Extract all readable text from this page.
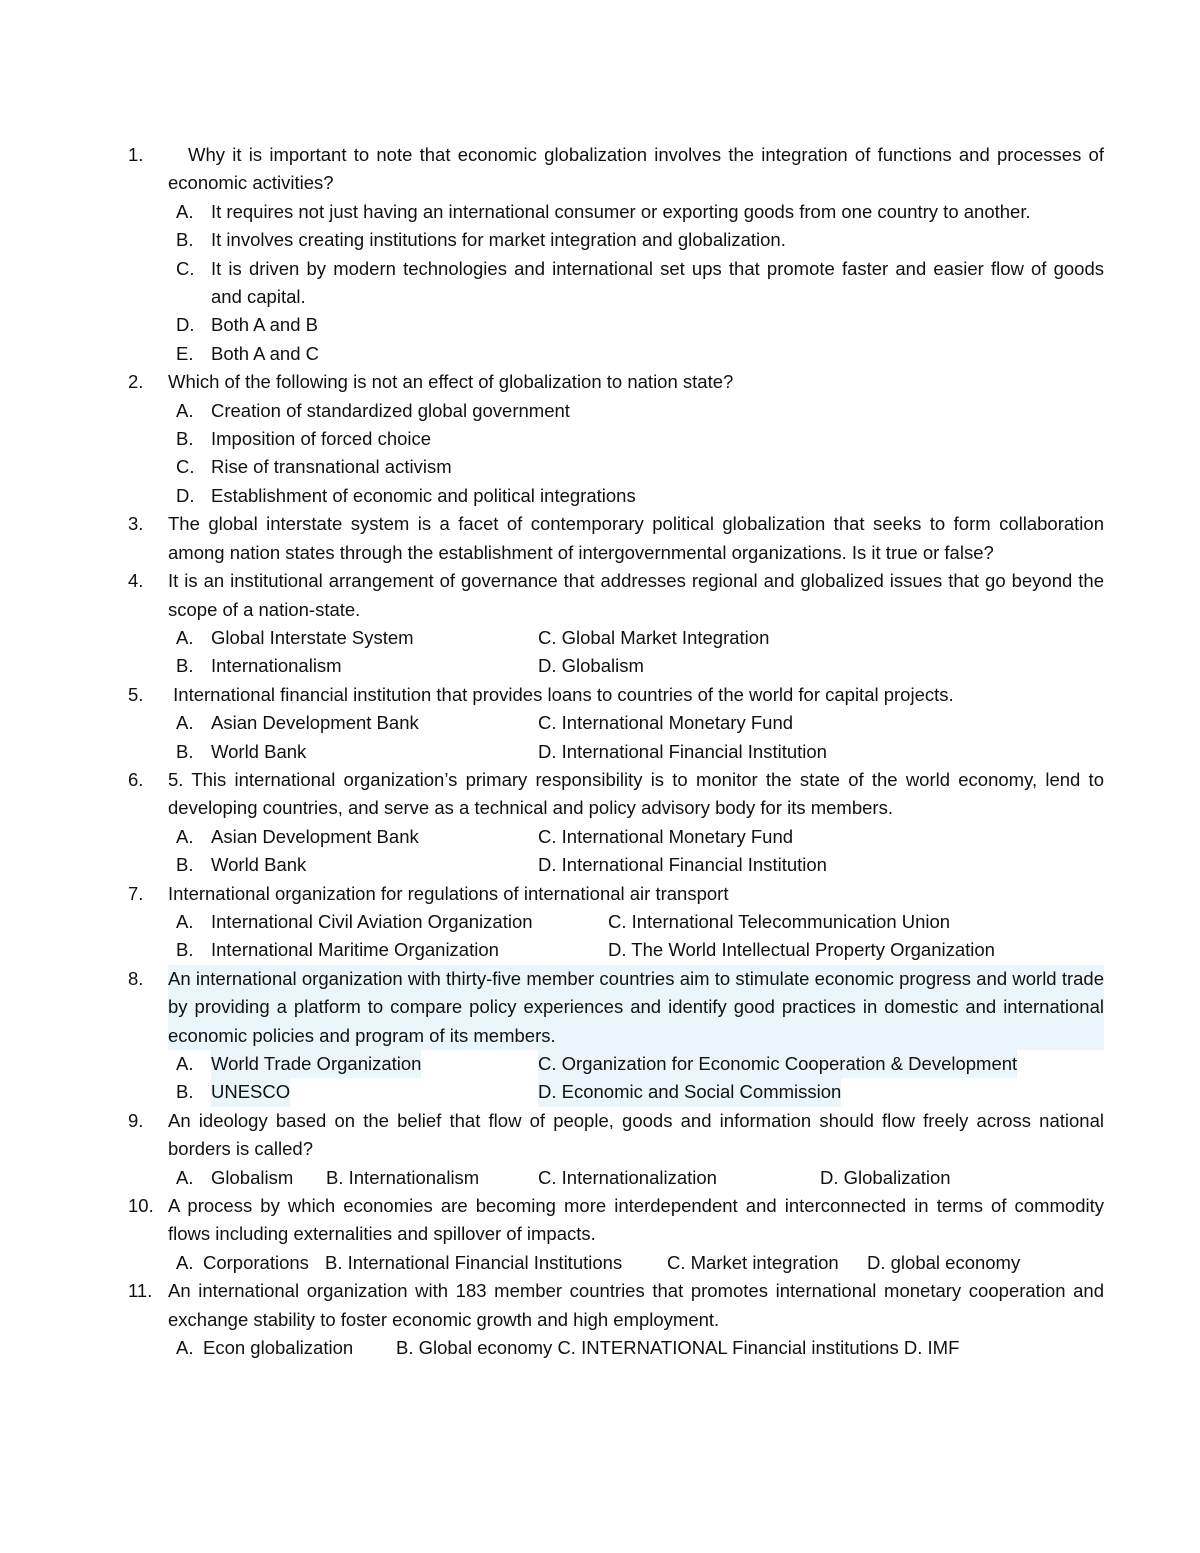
1.	Why it is important to note that economic globalization involves the integration of functions and processes of economic activities?
A. It requires not just having an international consumer or exporting goods from one country to another.
B. It involves creating institutions for market integration and globalization.
C. It is driven by modern technologies and international set ups that promote faster and easier flow of goods and capital.
D. Both A and B
E. Both A and C
2. Which of the following is not an effect of globalization to nation state?
A. Creation of standardized global government
B. Imposition of forced choice
C. Rise of transnational activism
D. Establishment of economic and political integrations
3. The global interstate system is a facet of contemporary political globalization that seeks to form collaboration among nation states through the establishment of intergovernmental organizations. Is it true or false?
4. It is an institutional arrangement of governance that addresses regional and globalized issues that go beyond the scope of a nation-state.
A. Global Interstate System	C. Global Market Integration
B. Internationalism	D. Globalism
5. International financial institution that provides loans to countries of the world for capital projects.
A. Asian Development Bank	C. International Monetary Fund
B. World Bank	D. International Financial Institution
6. 5. This international organization’s primary responsibility is to monitor the state of the world economy, lend to developing countries, and serve as a technical and policy advisory body for its members.
A. Asian Development Bank	C. International Monetary Fund
B. World Bank	D. International Financial Institution
7. International organization for regulations of international air transport
A. International Civil Aviation Organization	C. International Telecommunication Union
B. International Maritime Organization	D. The World Intellectual Property Organization
8. An international organization with thirty-five member countries aim to stimulate economic progress and world trade by providing a platform to compare policy experiences and identify good practices in domestic and international economic policies and program of its members.
A. World Trade Organization	C. Organization for Economic Cooperation & Development
B. UNESCO	D. Economic and Social Commission
9. An ideology based on the belief that flow of people, goods and information should flow freely across national borders is called?
A. Globalism B. Internationalism	C. Internationalization	D. Globalization
10. A process by which economies are becoming more interdependent and interconnected in terms of commodity flows including externalities and spillover of impacts.
A. Corporations B. International Financial Institutions C. Market integration D. global economy
11. An international organization with 183 member countries that promotes international monetary cooperation and exchange stability to foster economic growth and high employment.
A. Econ globalization B. Global economy C. INTERNATIONAL Financial institutions D. IMF
